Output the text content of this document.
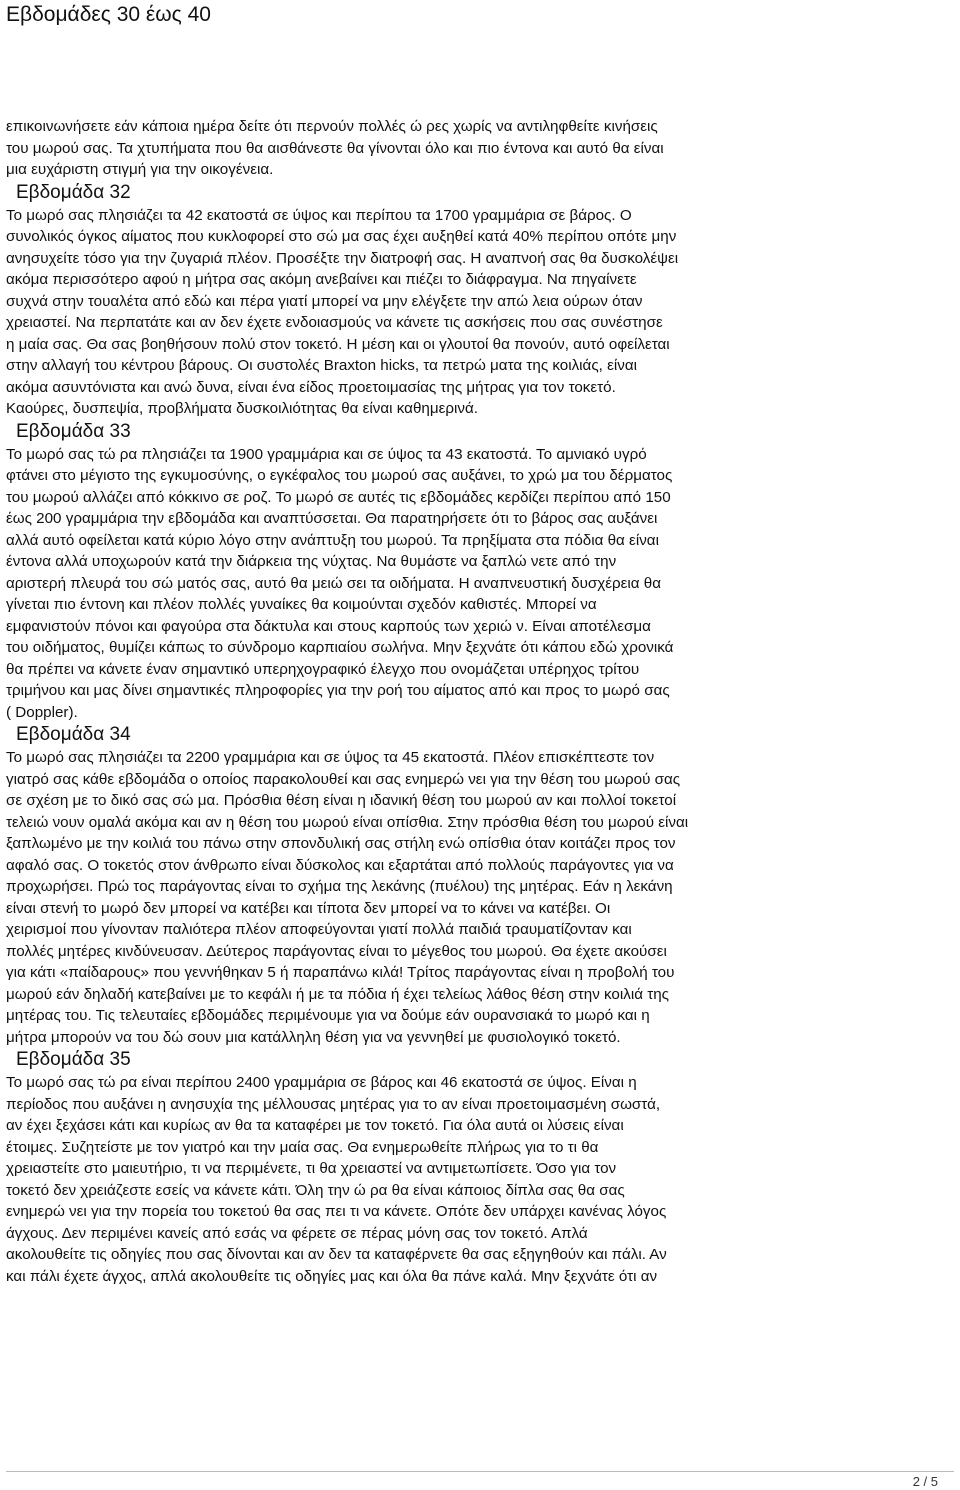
Εβδομάδες 30 έως 40

επικοινωνήσετε εάν κάποια ημέρα δείτε ότι περνούν πολλές ώ ρες χωρίς να αντιληφθείτε κινήσεις

του μωρού σας. Τα χτυπήματα που θα αισθάνεστε θα γίνονται όλο και πιο έντονα και αυτό θα είναι

μια ευχάριστη στιγμή για την οικογένεια.

Εβδομάδα 32

Το μωρό σας πλησιάζει τα 42 εκατοστά σε ύψος και περίπου τα 1700 γραμμάρια σε βάρος. Ο

συνολικός όγκος αίματος που κυκλοφορεί στο σώ μα σας έχει αυξηθεί κατά 40% περίπου οπότε μην

ανησυχείτε τόσο για την ζυγαριά πλέον. Προσέξτε την διατροφή σας. Η αναπνοή σας θα δυσκολέψει

ακόμα περισσότερο αφού η μήτρα σας ακόμη ανεβαίνει και πιέζει το διάφραγμα. Να πηγαίνετε

συχνά στην τουαλέτα από εδώ και πέρα γιατί μπορεί να μην ελέγξετε την απώ λεια ούρων όταν

χρειαστεί. Να περπατάτε και αν δεν έχετε ενδοιασμούς να κάνετε τις ασκήσεις που σας συνέστησε

η μαία σας. Θα σας βοηθήσουν πολύ στον τοκετό. Η μέση και οι γλουτοί θα πονούν, αυτό οφείλεται

στην αλλαγή του κέντρου βάρους. Οι συστολές Braxton hicks, τα πετρώ ματα της κοιλιάς, είναι

ακόμα ασυντόνιστα και ανώ δυνα, είναι ένα είδος προετοιμασίας της μήτρας για τον τοκετό.

Καούρες, δυσπεψία, προβλήματα δυσκοιλιότητας θα είναι καθημερινά.

Εβδομάδα 33

Το μωρό σας τώ ρα πλησιάζει τα 1900 γραμμάρια και σε ύψος τα 43 εκατοστά. Το αμνιακό υγρό

φτάνει στο μέγιστο της εγκυμοσύνης, ο εγκέφαλος του μωρού σας αυξάνει, το χρώ μα του δέρματος

του μωρού αλλάζει από κόκκινο σε ροζ. Το μωρό σε αυτές τις εβδομάδες κερδίζει περίπου από 150

έως 200 γραμμάρια την εβδομάδα και αναπτύσσεται. Θα παρατηρήσετε ότι το βάρος σας αυξάνει

αλλά αυτό οφείλεται κατά κύριο λόγο στην ανάπτυξη του μωρού. Τα πρηξίματα στα πόδια θα είναι

έντονα αλλά υποχωρούν κατά την διάρκεια της νύχτας. Να θυμάστε να ξαπλώ νετε από την

αριστερή πλευρά του σώ ματός σας, αυτό θα μειώ σει τα οιδήματα. Η αναπνευστική δυσχέρεια θα

γίνεται πιο έντονη και πλέον πολλές γυναίκες θα κοιμούνται σχεδόν καθιστές. Μπορεί να

εμφανιστούν πόνοι και φαγούρα στα δάκτυλα και στους καρπούς των χεριώ ν. Είναι αποτέλεσμα

του οιδήματος, θυμίζει κάπως το σύνδρομο καρπιαίου σωλήνα. Μην ξεχνάτε ότι κάπου εδώ χρονικά

θα πρέπει να κάνετε έναν σημαντικό υπερηχογραφικό έλεγχο που ονομάζεται υπέρηχος τρίτου

τριμήνου και μας δίνει σημαντικές πληροφορίες για την ροή του αίματος από και προς το μωρό σας

( Doppler).

Εβδομάδα 34

Το μωρό σας πλησιάζει τα 2200 γραμμάρια και σε ύψος τα 45 εκατοστά. Πλέον επισκέπτεστε τον

γιατρό σας κάθε εβδομάδα ο οποίος παρακολουθεί και σας ενημερώ νει για την θέση του μωρού σας

σε σχέση με το δικό σας σώ μα. Πρόσθια θέση είναι η ιδανική θέση του μωρού αν και πολλοί τοκετοί

τελειώ νουν ομαλά ακόμα και αν η θέση του μωρού είναι οπίσθια. Στην πρόσθια θέση του μωρού είναι

ξαπλωμένο με την κοιλιά του πάνω στην σπονδυλική σας στήλη ενώ οπίσθια όταν κοιτάζει προς τον

αφαλό σας. Ο τοκετός στον άνθρωπο είναι δύσκολος και εξαρτάται από πολλούς παράγοντες για να

προχωρήσει. Πρώ τος παράγοντας είναι το σχήμα της λεκάνης (πυέλου) της μητέρας. Εάν η λεκάνη

είναι στενή το μωρό δεν μπορεί να κατέβει και τίποτα δεν μπορεί να το κάνει να κατέβει. Οι

χειρισμοί που γίνονταν παλιότερα πλέον αποφεύγονται γιατί πολλά παιδιά τραυματίζονταν και

πολλές μητέρες κινδύνευσαν. Δεύτερος παράγοντας είναι το μέγεθος του μωρού. Θα έχετε ακούσει

για κάτι «παίδαρους» που γεννήθηκαν 5 ή παραπάνω κιλά! Τρίτος παράγοντας είναι η προβολή του

μωρού εάν δηλαδή κατεβαίνει με το κεφάλι ή με τα πόδια ή έχει τελείως λάθος θέση στην κοιλιά της

μητέρας του. Τις τελευταίες εβδομάδες περιμένουμε για να δούμε εάν ουρανσιακά το μωρό και η

μήτρα μπορούν να του δώ σουν μια κατάλληλη θέση για να γεννηθεί με φυσιολογικό τοκετό.

Εβδομάδα 35

Το μωρό σας τώ ρα είναι περίπου 2400 γραμμάρια σε βάρος και 46 εκατοστά σε ύψος. Είναι η

περίοδος που αυξάνει η ανησυχία της μέλλουσας μητέρας για το αν είναι προετοιμασμένη σωστά,

αν έχει ξεχάσει κάτι και κυρίως αν θα τα καταφέρει με τον τοκετό. Για όλα αυτά οι λύσεις είναι

έτοιμες. Συζητείστε με τον γιατρό και την μαία σας. Θα ενημερωθείτε πλήρως για το τι θα

χρειαστείτε στο μαιευτήριο, τι να περιμένετε, τι θα χρειαστεί να αντιμετωπίσετε. Όσο για τον

τοκετό δεν χρειάζεστε εσείς να κάνετε κάτι. Όλη την ώ ρα θα είναι κάποιος δίπλα σας θα σας

ενημερώ νει για την πορεία του τοκετού θα σας πει τι να κάνετε. Οπότε δεν υπάρχει κανένας λόγος

άγχους. Δεν περιμένει κανείς από εσάς να φέρετε σε πέρας μόνη σας τον τοκετό. Απλά

ακολουθείτε τις οδηγίες που σας δίνονται και αν δεν τα καταφέρνετε θα σας εξηγηθούν και πάλι. Αν

και πάλι έχετε άγχος, απλά ακολουθείτε τις οδηγίες μας και όλα θα πάνε καλά. Μην ξεχνάτε ότι αν

2 / 5
